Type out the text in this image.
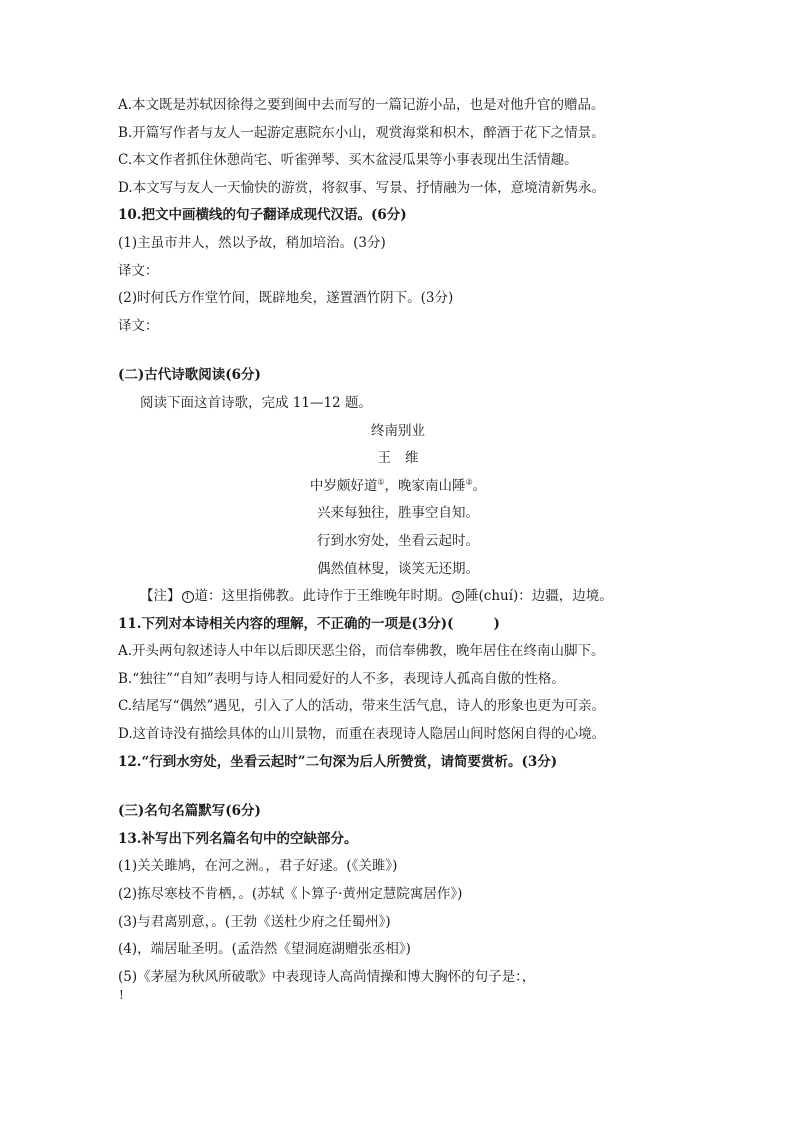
A.本文既是苏轼因徐得之要到闽中去而写的一篇记游小品，也是对他升官的赠品。
B.开篇写作者与友人一起游定惠院东小山，观赏海棠和枳木，醉酒于花下之情景。
C.本文作者抓住休憩尚宅、听雀弹琴、买木盆浸瓜果等小事表现出生活情趣。
D.本文写与友人一天愉快的游赏，将叙事、写景、抒情融为一体，意境清新隽永。
10.把文中画横线的句子翻译成现代汉语。(6分)
(1)主虽市井人，然以予故，稍加培治。(3分)
译文：
(2)时何氏方作堂竹间，既辟地矣，遂置酒竹阴下。(3分)
译文：
(二)古代诗歌阅读(6分)
阅读下面这首诗歌，完成 11—12 题。
终南别业
王维
中岁颇好道①，晚家南山陲②。
兴来每独往，胜事空自知。
行到水穷处，坐看云起时。
偶然值林叟，谈笑无还期。
【注】 1 道：这里指佛教。此诗作于王维晚年时期。 2 陲(chuí)：边疆，边境。
11.下列对本诗相关内容的理解，不正确的一项是(3分)(	)
A.开头两句叙述诗人中年以后即厌恶尘俗，而信奉佛教，晚年居住在终南山脚下。
B.“独往”“自知”表明与诗人相同爱好的人不多，表现诗人孤高自傲的性格。
C.结尾写“偶然”遇见，引入了人的活动，带来生活气息，诗人的形象也更为可亲。
D.这首诗没有描绘具体的山川景物，而重在表现诗人隐居山间时悠闲自得的心境。
12.“行到水穷处，坐看云起时”二句深为后人所赞赏，请简要赏析。(3分)
(三)名句名篇默写(6分)
13.补写出下列名篇名句中的空缺部分。
(1)关关雎鸠，在河之洲。，君子好逑。(《关雎》)
(2)拣尽寒枝不肯栖，。(苏轼《卜算子·黄州定慧院寓居作》)
(3)与君离别意，。(王勃《送杜少府之任蜀州》)
(4)，端居耻圣明。(孟浩然《望洞庭湖赠张丞相》)
(5)《茅屋为秋风所破歌》中表现诗人高尚情操和博大胸怀的句子是：，
!
